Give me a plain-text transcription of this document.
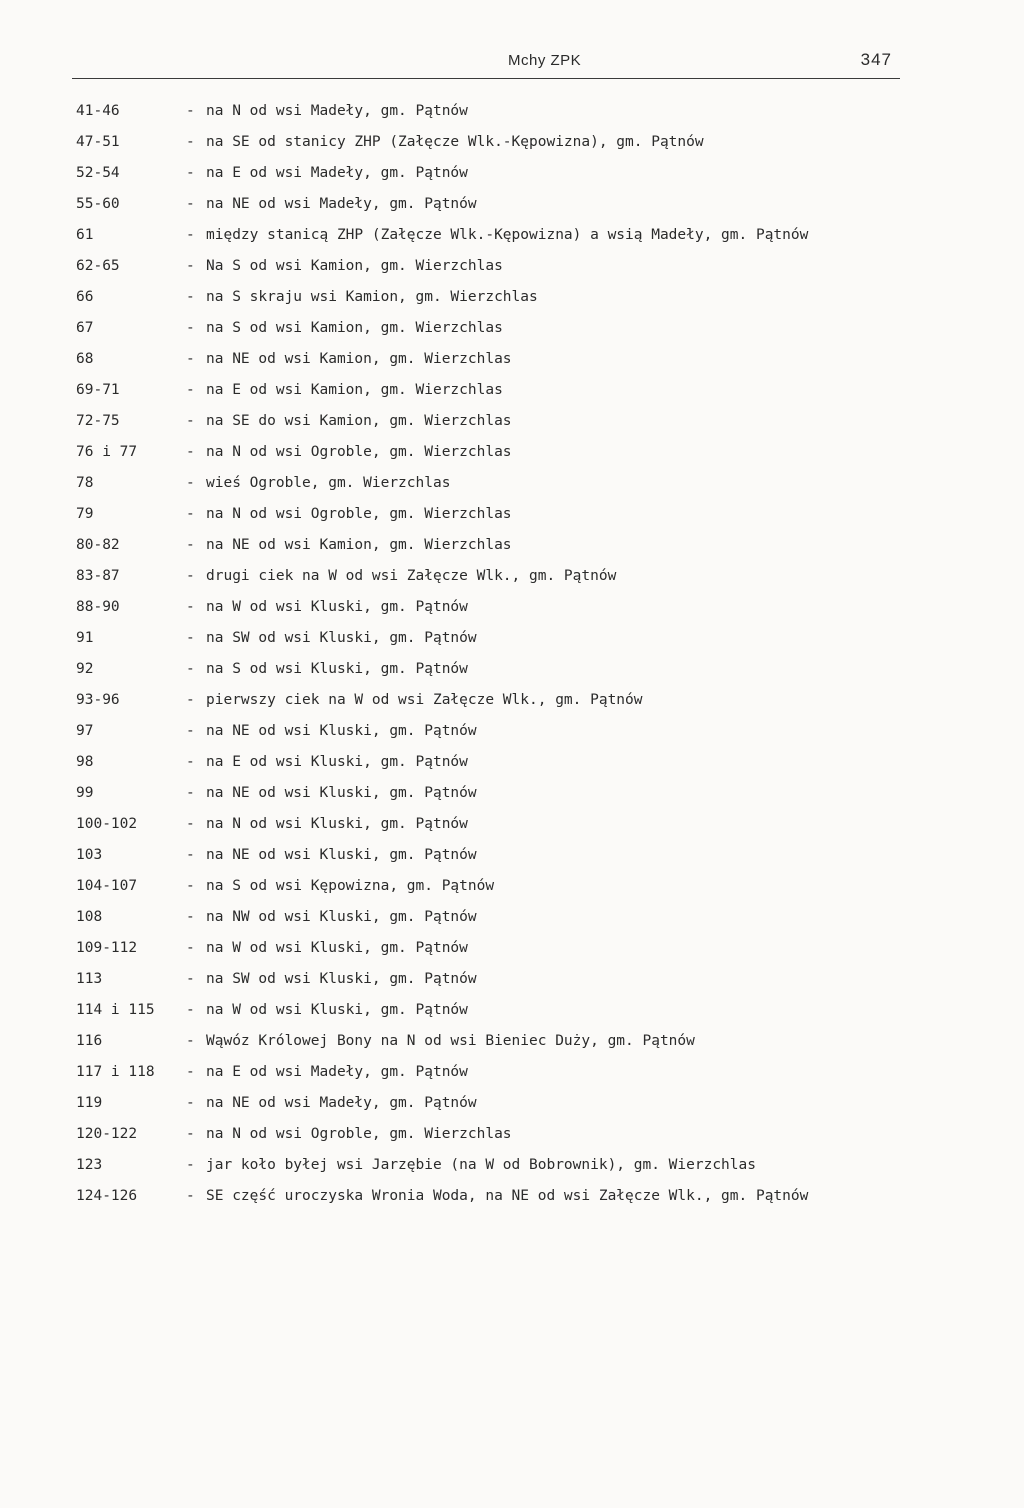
Mchy ZPK	347
41-46	- na N od wsi Madeły, gm. Pątnów
47-51	- na SE od stanicy ZHP (Załęcze Wlk.-Kępowizna), gm. Pątnów
52-54	- na E od wsi Madeły, gm. Pątnów
55-60	- na NE od wsi Madeły, gm. Pątnów
61	- między stanicą ZHP (Załęcze Wlk.-Kępowizna) a wsią Madeły, gm. Pątnów
62-65	- Na S od wsi Kamion, gm. Wierzchlas
66	- na S skraju wsi Kamion, gm. Wierzchlas
67	- na S od wsi Kamion, gm. Wierzchlas
68	- na NE od wsi Kamion, gm. Wierzchlas
69-71	- na E od wsi Kamion, gm. Wierzchlas
72-75	- na SE do wsi Kamion, gm. Wierzchlas
76 i 77	- na N od wsi Ogroble, gm. Wierzchlas
78	- wieś Ogroble, gm. Wierzchlas
79	- na N od wsi Ogroble, gm. Wierzchlas
80-82	- na NE od wsi Kamion, gm. Wierzchlas
83-87	- drugi ciek na W od wsi Załęcze Wlk., gm. Pątnów
88-90	- na W od wsi Kluski, gm. Pątnów
91	- na SW od wsi Kluski, gm. Pątnów
92	- na S od wsi Kluski, gm. Pątnów
93-96	- pierwszy ciek na W od wsi Załęcze Wlk., gm. Pątnów
97	- na NE od wsi Kluski, gm. Pątnów
98	- na E od wsi Kluski, gm. Pątnów
99	- na NE od wsi Kluski, gm. Pątnów
100-102	- na N od wsi Kluski, gm. Pątnów
103	- na NE od wsi Kluski, gm. Pątnów
104-107	- na S od wsi Kępowizna, gm. Pątnów
108	- na NW od wsi Kluski, gm. Pątnów
109-112	- na W od wsi Kluski, gm. Pątnów
113	- na SW od wsi Kluski, gm. Pątnów
114 i 115	- na W od wsi Kluski, gm. Pątnów
116	- Wąwóz Królowej Bony na N od wsi Bieniec Duży, gm. Pątnów
117 i 118	- na E od wsi Madeły, gm. Pątnów
119	- na NE od wsi Madeły, gm. Pątnów
120-122	- na N od wsi Ogroble, gm. Wierzchlas
123	- jar koło byłej wsi Jarzębie (na W od Bobrownik), gm. Wierzchlas
124-126	- SE część uroczyska Wronia Woda, na NE od wsi Załęcze Wlk., gm. Pątnów
